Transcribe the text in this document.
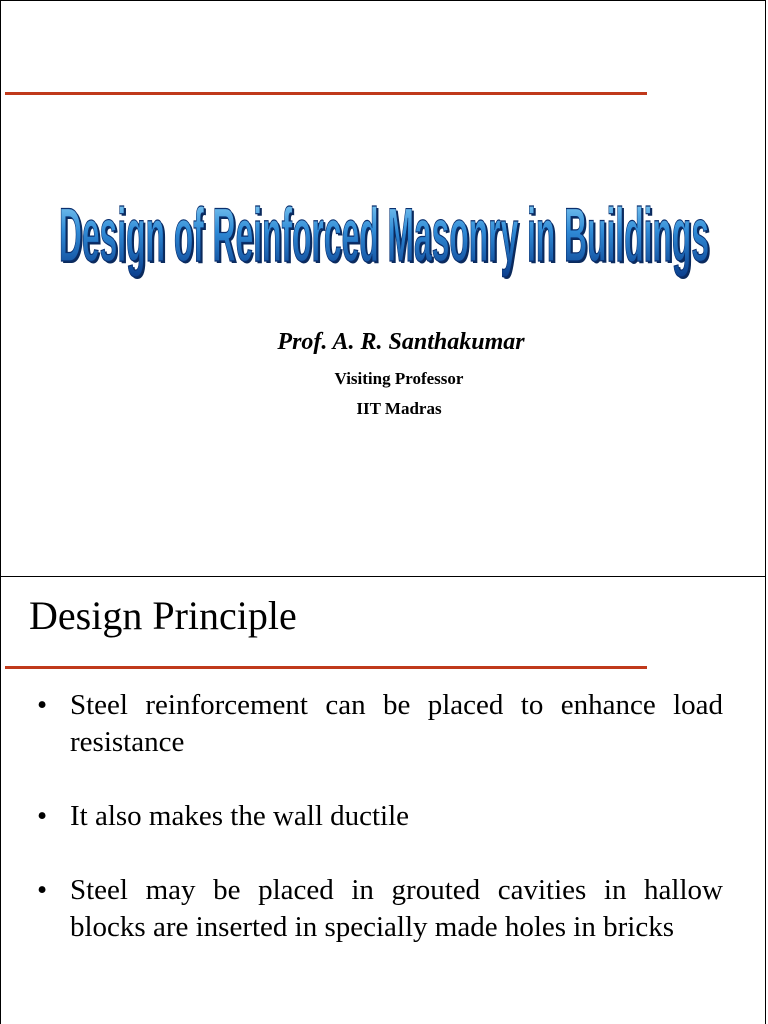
Design of Reinforced Masonry in Buildings
Design of Reinforced Masonry in Buildings
Prof. A. R. Santhakumar
Visiting Professor
IIT Madras
Design Principle
• Steel reinforcement can be placed to enhance load resistance
• It also makes the wall ductile
• Steel may be placed in grouted cavities in hallow blocks are inserted in specially made holes in bricks
